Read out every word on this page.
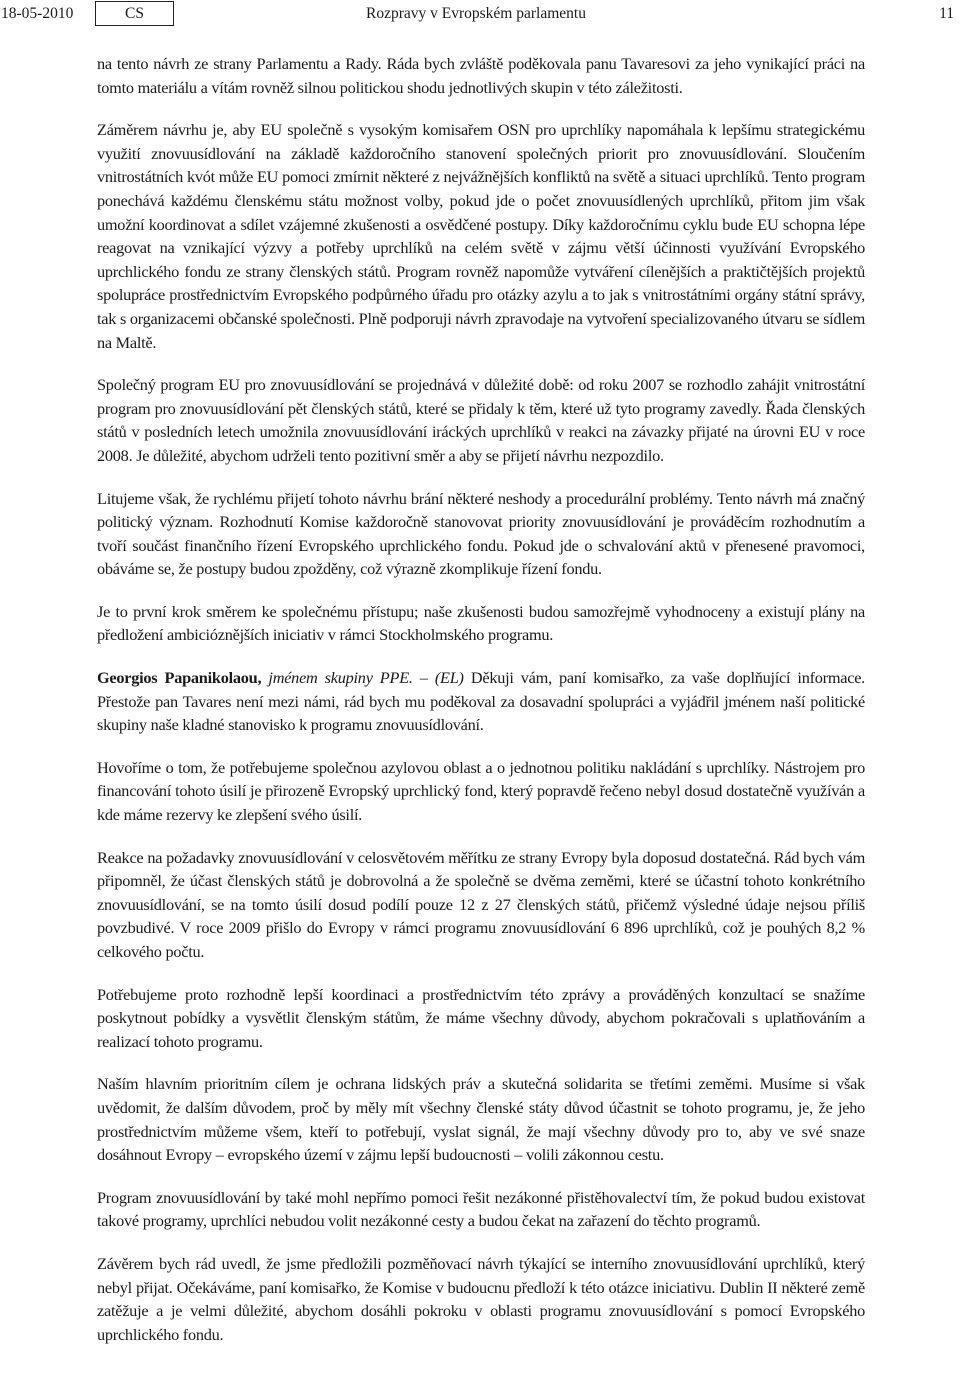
18-05-2010	CS	Rozpravy v Evropském parlamentu	11

na tento návrh ze strany Parlamentu a Rady. Ráda bych zvláště poděkovala panu Tavaresovi za jeho vynikající práci na tomto materiálu a vítám rovněž silnou politickou shodu jednotlivých skupin v této záležitosti.

Záměrem návrhu je, aby EU společně s vysokým komisařem OSN pro uprchlíky napomáhala k lepšímu strategickému využití znovuusídlování na základě každoročního stanovení společných priorit pro znovuusídlování. Sloučením vnitrostátních kvót může EU pomoci zmírnit některé z nejvážnějších konfliktů na světě a situaci uprchlíků. Tento program ponechává každému členskému státu možnost volby, pokud jde o počet znovuusídlených uprchlíků, přitom jim však umožní koordinovat a sdílet vzájemné zkušenosti a osvědčené postupy. Díky každoročnímu cyklu bude EU schopna lépe reagovat na vznikající výzvy a potřeby uprchlíků na celém světě v zájmu větší účinnosti využívání Evropského uprchlického fondu ze strany členských států. Program rovněž napomůže vytváření cílenějších a praktičtějších projektů spolupráce prostřednictvím Evropského podpůrného úřadu pro otázky azylu a to jak s vnitrostátními orgány státní správy, tak s organizacemi občanské společnosti. Plně podporuji návrh zpravodaje na vytvoření specializovaného útvaru se sídlem na Maltě.

Společný program EU pro znovuusídlování se projednává v důležité době: od roku 2007 se rozhodlo zahájit vnitrostátní program pro znovuusídlování pět členských států, které se přidaly k těm, které už tyto programy zavedly. Řada členských států v posledních letech umožnila znovuusídlování iráckých uprchlíků v reakci na závazky přijaté na úrovni EU v roce 2008. Je důležité, abychom udrželi tento pozitivní směr a aby se přijetí návrhu nezpozdilo.

Litujeme však, že rychlému přijetí tohoto návrhu brání některé neshody a procedurální problémy. Tento návrh má značný politický význam. Rozhodnutí Komise každoročně stanovovat priority znovuusídlování je prováděcím rozhodnutím a tvoří součást finančního řízení Evropského uprchlického fondu. Pokud jde o schvalování aktů v přenesené pravomoci, obáváme se, že postupy budou zpožděny, což výrazně zkomplikuje řízení fondu.

Je to první krok směrem ke společnému přístupu; naše zkušenosti budou samozřejmě vyhodnoceny a existují plány na předložení ambicióznějších iniciativ v rámci Stockholmského programu.

Georgios Papanikolaou, jménem skupiny PPE. – (EL) Děkuji vám, paní komisařko, za vaše doplňující informace. Přestože pan Tavares není mezi námi, rád bych mu poděkoval za dosavadní spolupráci a vyjádřil jménem naší politické skupiny naše kladné stanovisko k programu znovuusídlování.

Hovoříme o tom, že potřebujeme společnou azylovou oblast a o jednotnou politiku nakládání s uprchlíky. Nástrojem pro financování tohoto úsilí je přirozeně Evropský uprchlický fond, který popravdě řečeno nebyl dosud dostatečně využíván a kde máme rezervy ke zlepšení svého úsilí.

Reakce na požadavky znovuusídlování v celosvětovém měřítku ze strany Evropy byla doposud dostatečná. Rád bych vám připomněl, že účast členských států je dobrovolná a že společně se dvěma zeměmi, které se účastní tohoto konkrétního znovuusídlování, se na tomto úsilí dosud podílí pouze 12 z 27 členských států, přičemž výsledné údaje nejsou příliš povzbudivé. V roce 2009 přišlo do Evropy v rámci programu znovuusídlování 6 896 uprchlíků, což je pouhých 8,2 % celkového počtu.

Potřebujeme proto rozhodně lepší koordinaci a prostřednictvím této zprávy a prováděných konzultací se snažíme poskytnout pobídky a vysvětlit členským státům, že máme všechny důvody, abychom pokračovali s uplatňováním a realizací tohoto programu.

Naším hlavním prioritním cílem je ochrana lidských práv a skutečná solidarita se třetími zeměmi. Musíme si však uvědomit, že dalším důvodem, proč by měly mít všechny členské státy důvod účastnit se tohoto programu, je, že jeho prostřednictvím můžeme všem, kteří to potřebují, vyslat signál, že mají všechny důvody pro to, aby ve své snaze dosáhnout Evropy – evropského území v zájmu lepší budoucnosti – volili zákonnou cestu.

Program znovuusídlování by také mohl nepřímo pomoci řešit nezákonné přistěhovalectví tím, že pokud budou existovat takové programy, uprchlíci nebudou volit nezákonné cesty a budou čekat na zařazení do těchto programů.

Závěrem bych rád uvedl, že jsme předložili pozměňovací návrh týkající se interního znovuusídlování uprchlíků, který nebyl přijat. Očekáváme, paní komisařko, že Komise v budoucnu předloží k této otázce iniciativu. Dublin II některé země zatěžuje a je velmi důležité, abychom dosáhli pokroku v oblasti programu znovuusídlování s pomocí Evropského uprchlického fondu.
